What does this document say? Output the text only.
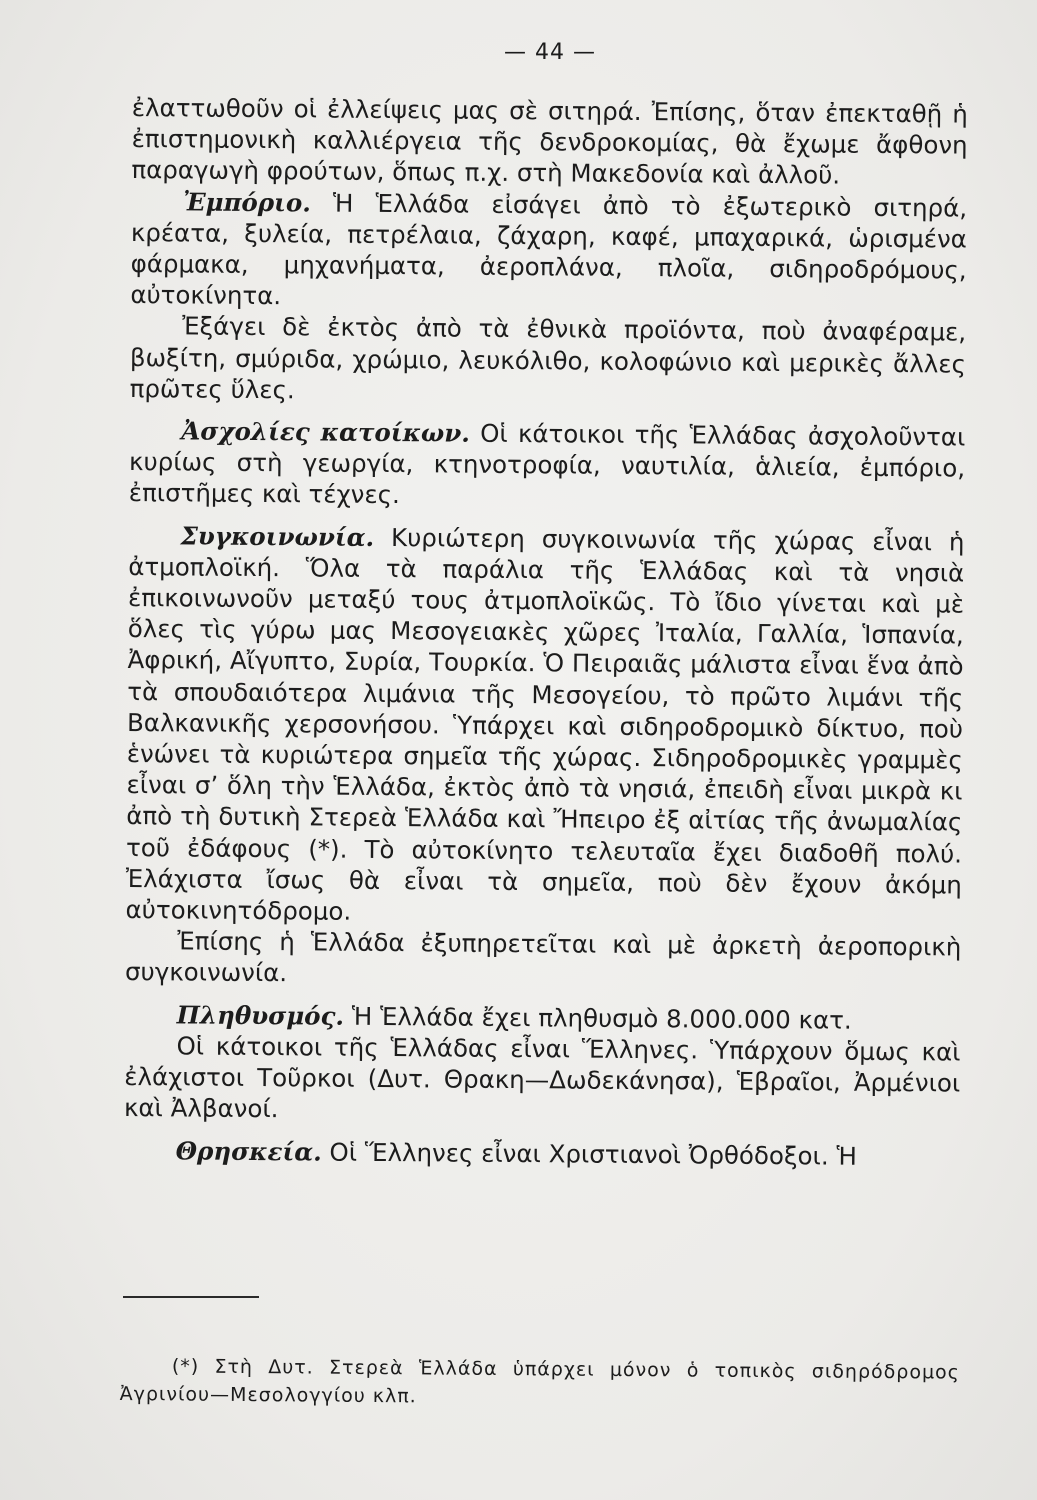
— 44 —

ἐλαττωθοῦν οἱ ἐλλείψεις μας σὲ σιτηρά. Ἐπίσης, ὅταν ἐπεκταθῇ ἡ ἐπιστημονικὴ καλλιέργεια τῆς δενδροκομίας, θὰ ἔχωμε ἄφθονη παραγωγὴ φρούτων, ὅπως π.χ. στὴ Μακεδονία καὶ ἀλλοῦ.

Ἐμπόριο. Ἡ Ἑλλάδα εἰσάγει ἀπὸ τὸ ἐξωτερικὸ σιτηρά, κρέατα, ξυλεία, πετρέλαια, ζάχαρη, καφέ, μπαχαρικά, ὡρισμένα φάρμακα, μηχανήματα, ἀεροπλάνα, πλοῖα, σιδηροδρόμους, αὐτοκίνητα.

Ἐξάγει δὲ ἐκτὸς ἀπὸ τὰ ἐθνικὰ προϊόντα, ποὺ ἀναφέραμε, βωξίτη, σμύριδα, χρώμιο, λευκόλιθο, κολοφώνιο καὶ μερικὲς ἄλλες πρῶτες ὕλες.

Ἀσχολίες κατοίκων. Οἱ κάτοικοι τῆς Ἑλλάδας ἀσχολοῦνται κυρίως στὴ γεωργία, κτηνοτροφία, ναυτιλία, ἁλιεία, ἐμπόριο, ἐπιστῆμες καὶ τέχνες.

Συγκοινωνία. Κυριώτερη συγκοινωνία τῆς χώρας εἶναι ἡ ἀτμοπλοϊκή. Ὅλα τὰ παράλια τῆς Ἑλλάδας καὶ τὰ νησιὰ ἐπικοινωνοῦν μεταξύ τους ἀτμοπλοϊκῶς. Τὸ ἴδιο γίνεται καὶ μὲ ὅλες τὶς γύρω μας Μεσογειακὲς χῶρες Ἰταλία, Γαλλία, Ἱσπανία, Ἀφρική, Αἴγυπτο, Συρία, Τουρκία. Ὁ Πειραιᾶς μάλιστα εἶναι ἕνα ἀπὸ τὰ σπουδαιότερα λιμάνια τῆς Μεσογείου, τὸ πρῶτο λιμάνι τῆς Βαλκανικῆς χερσονήσου. Ὑπάρχει καὶ σιδηροδρομικὸ δίκτυο, ποὺ ἑνώνει τὰ κυριώτερα σημεῖα τῆς χώρας. Σιδηροδρομικὲς γραμμὲς εἶναι σ’ ὅλη τὴν Ἑλλάδα, ἐκτὸς ἀπὸ τὰ νησιά, ἐπειδὴ εἶναι μικρὰ κι ἀπὸ τὴ δυτικὴ Στερεὰ Ἑλλάδα καὶ Ἤπειρο ἐξ αἰτίας τῆς ἀνωμαλίας τοῦ ἐδάφους (*). Τὸ αὐτοκίνητο τελευταῖα ἔχει διαδοθῆ πολύ. Ἐλάχιστα ἴσως θὰ εἶναι τὰ σημεῖα, ποὺ δὲν ἔχουν ἀκόμη αὐτοκινητόδρομο.

Ἐπίσης ἡ Ἑλλάδα ἐξυπηρετεῖται καὶ μὲ ἀρκετὴ ἀεροπορικὴ συγκοινωνία.

Πληθυσμός. Ἡ Ἑλλάδα ἔχει πληθυσμὸ 8.000.000 κατ.

Οἱ κάτοικοι τῆς Ἑλλάδας εἶναι Ἕλληνες. Ὑπάρχουν ὅμως καὶ ἐλάχιστοι Τοῦρκοι (Δυτ. Θρακη—Δωδεκάνησα), Ἑβραῖοι, Ἀρμένιοι καὶ Ἀλβανοί.

Θρησκεία. Οἱ Ἕλληνες εἶναι Χριστιανοὶ Ὀρθόδοξοι. Ἡ

(*) Στὴ Δυτ. Στερεὰ Ἑλλάδα ὑπάρχει μόνον ὁ τοπικὸς σιδηρόδρομος Ἀγρινίου—Μεσολογγίου κλπ.
